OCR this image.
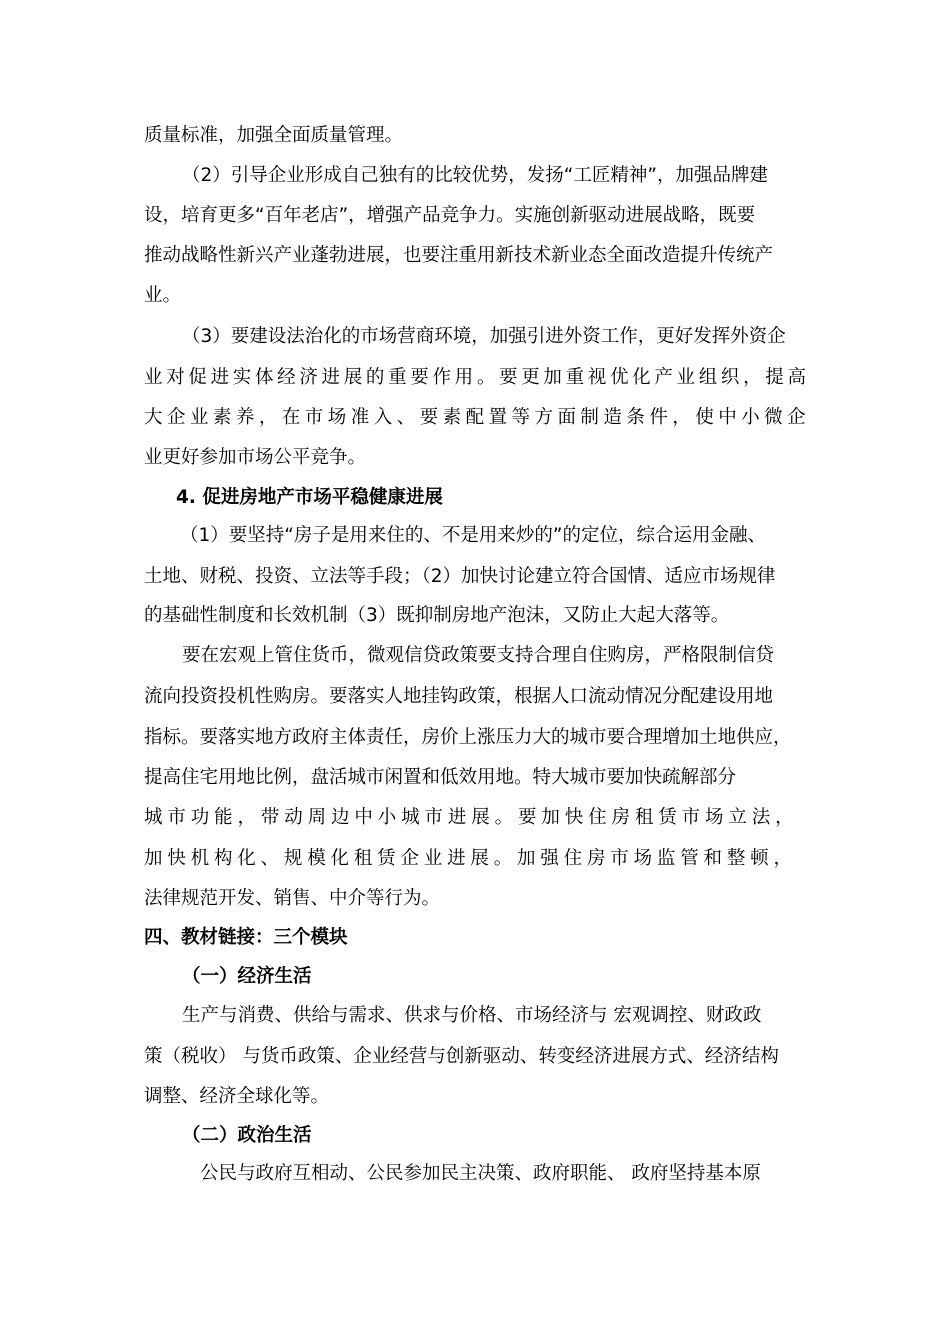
质量标准，加强全面质量管理。
（2）引导企业形成自己独有的比较优势，发扬“工匠精神”，加强品牌建
设，培育更多“百年老店”，增强产品竞争力。实施创新驱动进展战略，既要
推动战略性新兴产业蓬勃进展，也要注重用新技术新业态全面改造提升传统产
业。
（3）要建设法治化的市场营商环境，加强引进外资工作，更好发挥外资企
业 对 促 进 实 体 经 济 进 展 的 重 要 作 用 。 要 更 加 重 视 优 化 产 业 组 织 ， 提 高
大 企 业 素 养 ， 在 市 场 准 入 、 要 素 配 置 等 方 面 制 造 条 件 ， 使 中 小 微 企
业更好参加市场公平竞争。
4. 促进房地产市场平稳健康进展
（1）要坚持“房子是用来住的、不是用来炒的”的定位，综合运用金融、
土地、财税、投资、立法等手段；（2）加快讨论建立符合国情、适应市场规律
的基础性制度和长效机制（3）既抑制房地产泡沫，又防止大起大落等。
要在宏观上管住货币，微观信贷政策要支持合理自住购房，严格限制信贷
流向投资投机性购房。要落实人地挂钩政策，根据人口流动情况分配建设用地
指标。要落实地方政府主体责任，房价上涨压力大的城市要合理增加土地供应，
提高住宅用地比例，盘活城市闲置和低效用地。特大城市要加快疏解部分
城 市 功 能 ， 带 动 周 边 中 小 城 市 进 展 。 要 加 快 住 房 租 赁 市 场 立 法 ，
加 快 机 构 化 、 规 模 化 租 赁 企 业 进 展 。 加 强 住 房 市 场 监 管 和 整 顿 ，
法律规范开发、销售、中介等行为。
四、教材链接：三个模块
（一）经济生活
生产与消费、供给与需求、供求与价格、市场经济与 宏观调控、财政政
策（税收） 与货币政策、企业经营与创新驱动、转变经济进展方式、经济结构
调整、经济全球化等。
（二）政治生活
公民与政府互相动、公民参加民主决策、政府职能、 政府坚持基本原
